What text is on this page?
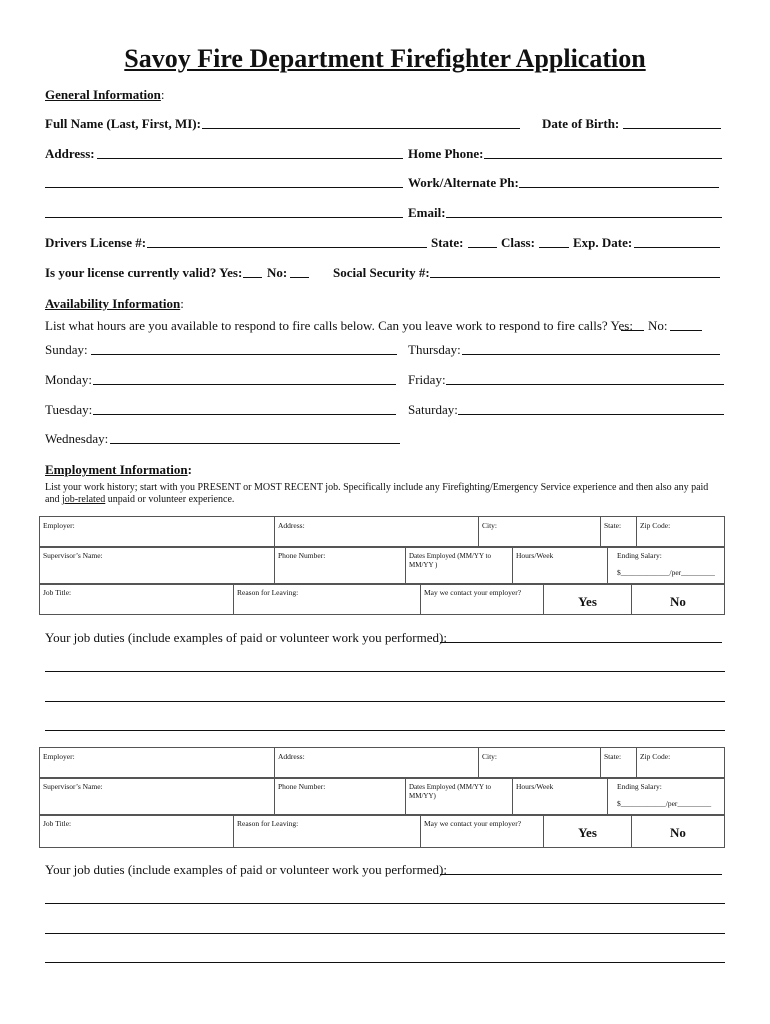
Savoy Fire Department Firefighter Application
General Information:
Full Name (Last, First, MI):	Date of Birth:
Address:	Home Phone:
Work/Alternate Ph:
Email:
Drivers License #:	State:	Class:	Exp. Date:
Is your license currently valid? Yes: No:	Social Security #:
Availability Information:
List what hours are you available to respond to fire calls below. Can you leave work to respond to fire calls? Yes: No:
Sunday:	Thursday:
Monday:	Friday:
Tuesday:	Saturday:
Wednesday:
Employment Information:
List your work history; start with you PRESENT or MOST RECENT job. Specifically include any Firefighting/Emergency Service experience and then also any paid
and job-related unpaid or volunteer experience.
Employer:	Address:	City:	State:	Zip Code:
Supervisor’s Name:	Phone Number:	Dates Employed (MM/YY to MM/YY )	Hours/Week	Ending Salary:
$_____________/per_________
Job Title:	Reason for Leaving:	May we contact your employer?	Yes	No
Your job duties (include examples of paid or volunteer work you performed):
Employer:	Address:	City:	State:	Zip Code:
Supervisor’s Name:	Phone Number:	Dates Employed (MM/YY to MM/YY)	Hours/Week	Ending Salary:
$____________/per_________
Job Title:	Reason for Leaving:	May we contact your employer?	Yes	No
Your job duties (include examples of paid or volunteer work you performed):
